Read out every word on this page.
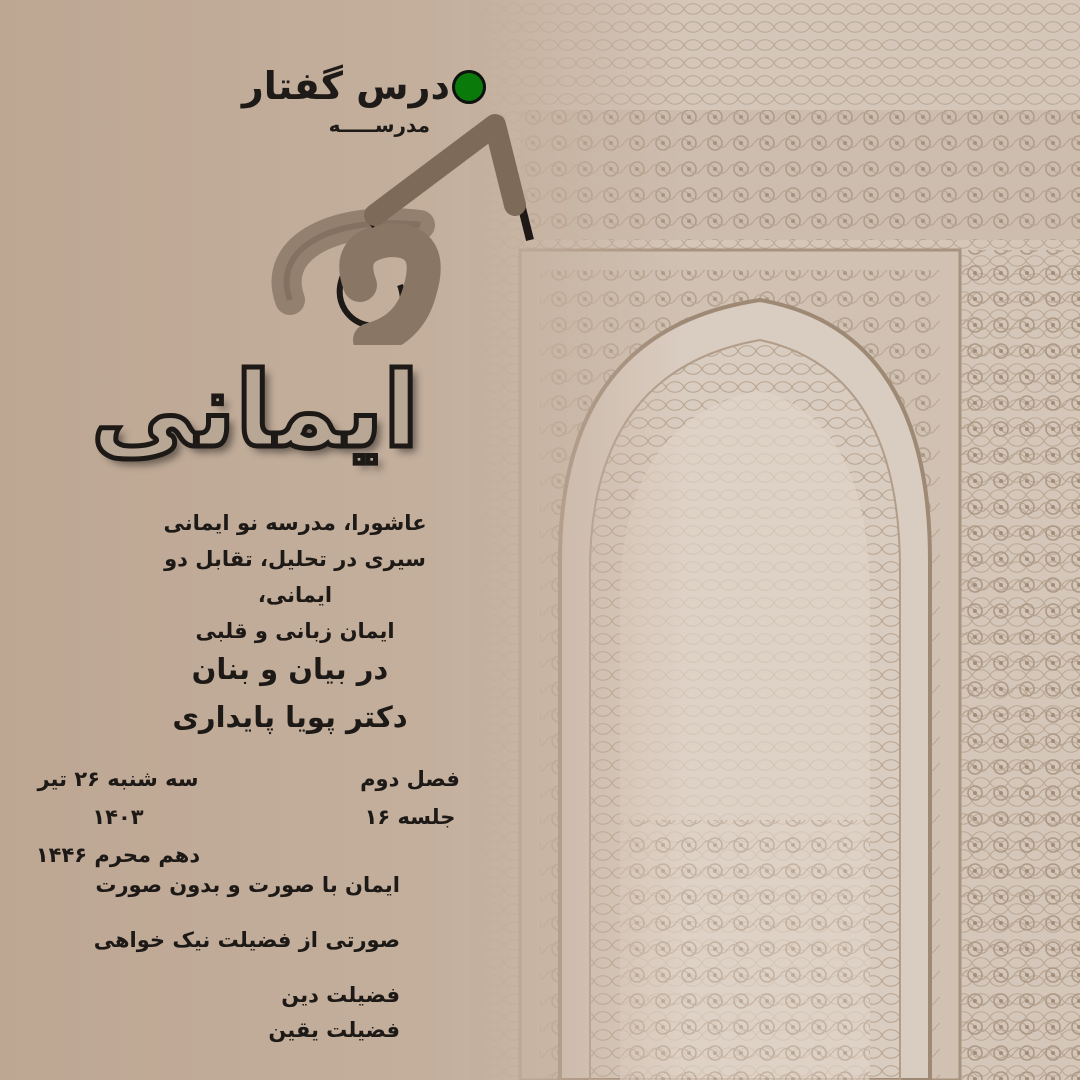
درس گفتار
مدرســـــه
ایمانی
عاشورا، مدرسه نو ایمانی
سیری در تحلیل، تقابل دو ایمانی،
ایمان زبانی و قلبی
در بیان و بنان
دکتر پویا پایداری
سه شنبه ۲۶ تیر ۱۴۰۳
دهم محرم ۱۴۴۶
فصل دوم
جلسه ۱۶
ایمان با صورت و بدون صورت
صورتی از فضیلت نیک خواهی
فضیلت دین
فضیلت یقین
